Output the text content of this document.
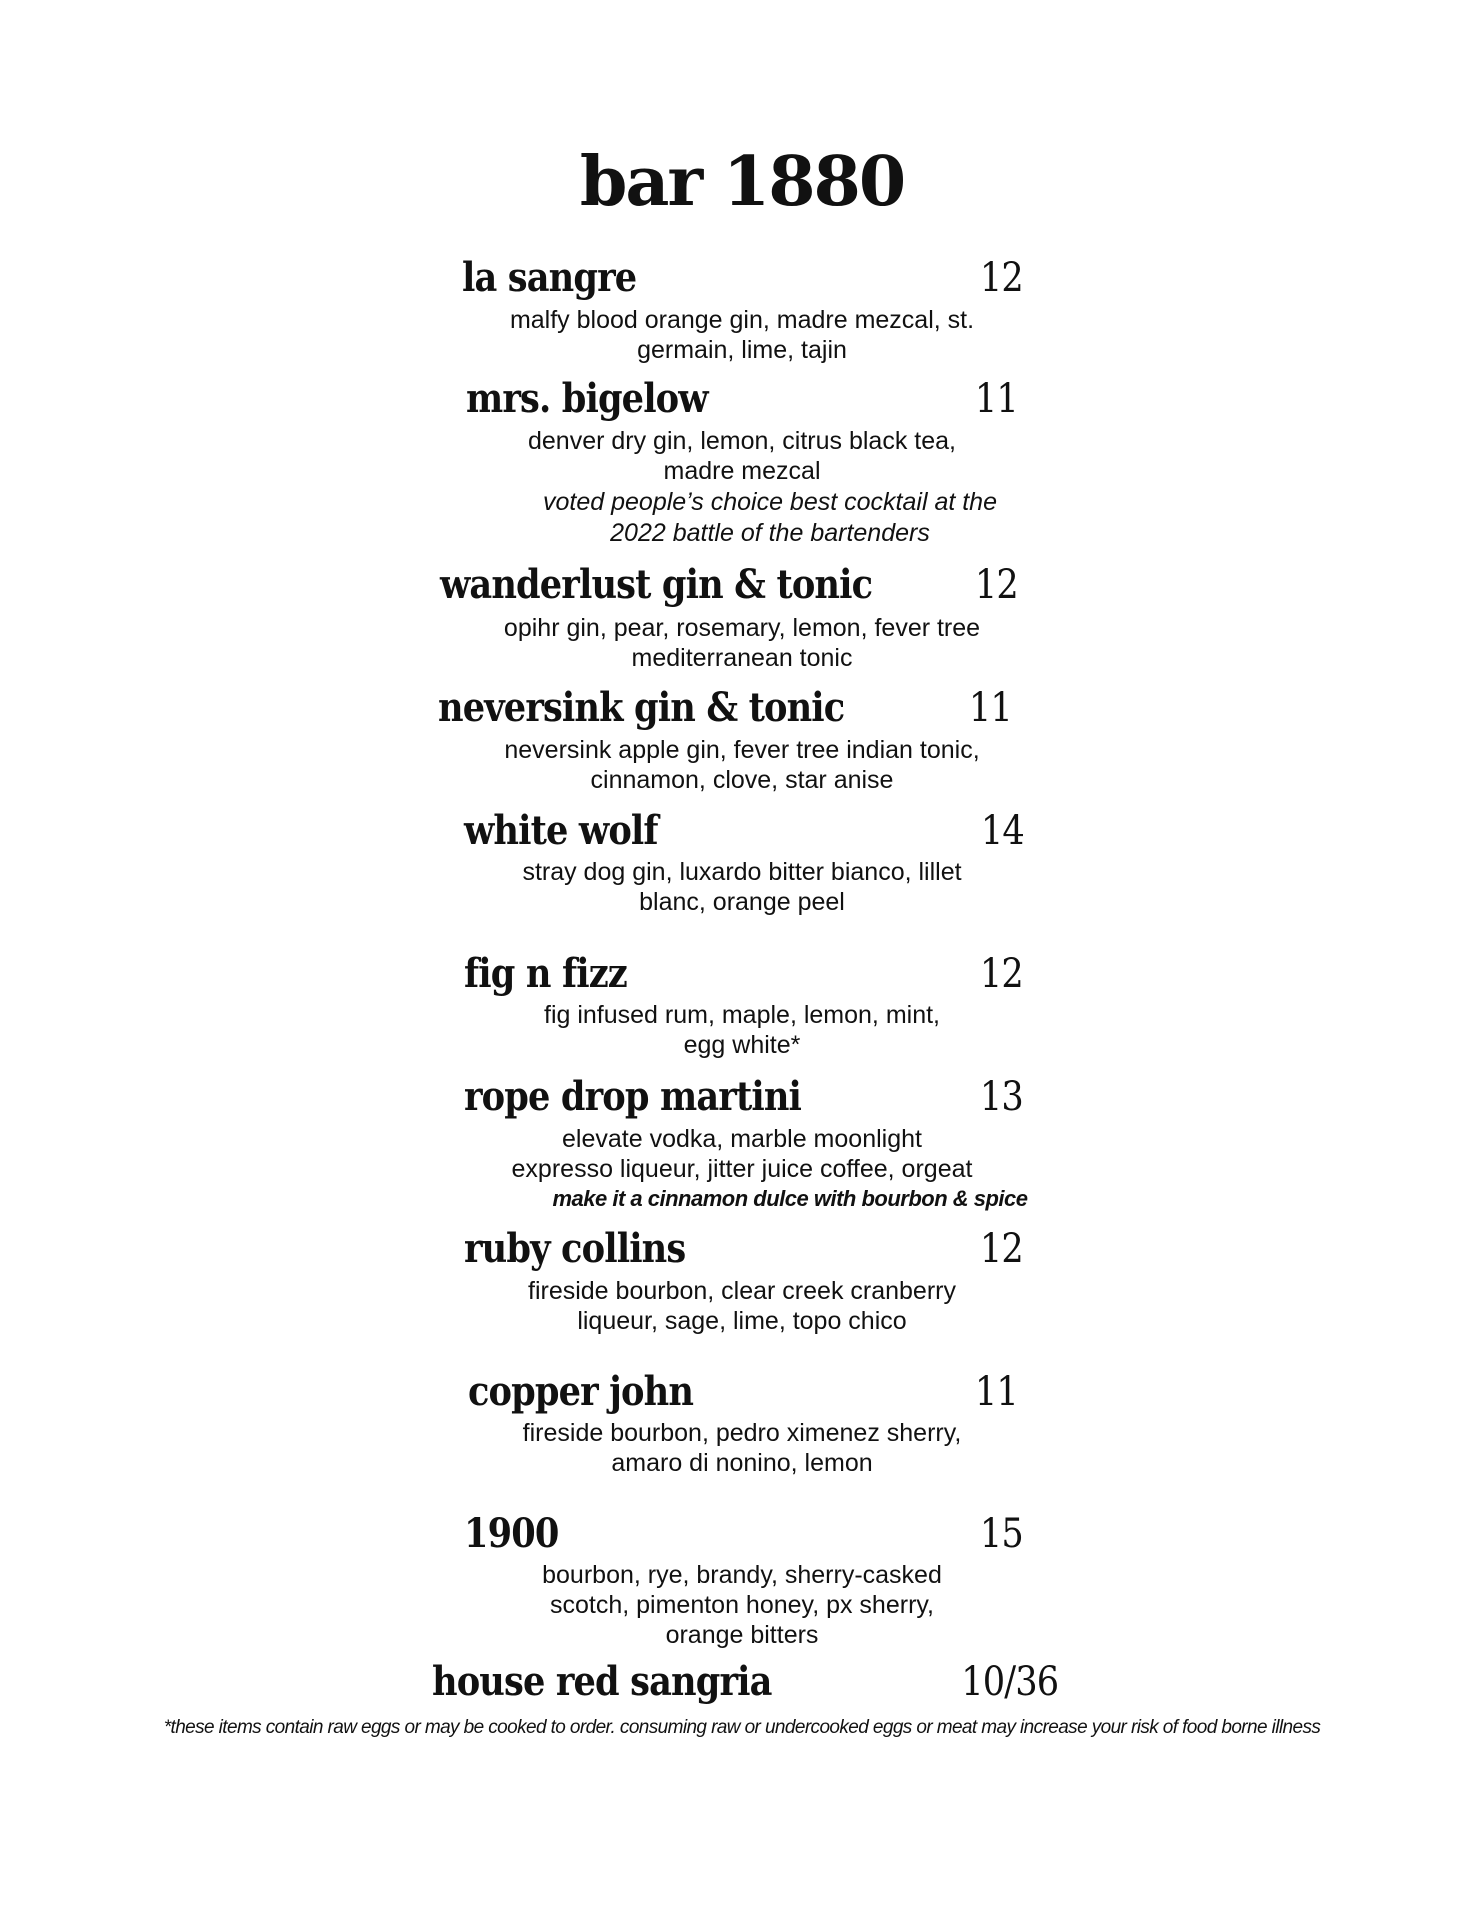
bar 1880
la sangre	12
malfy blood orange gin, madre mezcal, st.
germain, lime, tajin
mrs. bigelow	11
denver dry gin, lemon, citrus black tea,
madre mezcal
voted people’s choice best cocktail at the
2022 battle of the bartenders
wanderlust gin & tonic	12
opihr gin, pear, rosemary, lemon, fever tree
mediterranean tonic
neversink gin & tonic	11
neversink apple gin, fever tree indian tonic,
cinnamon, clove, star anise
white wolf	14
stray dog gin, luxardo bitter bianco, lillet
blanc, orange peel
fig n fizz	12
fig infused rum, maple, lemon, mint,
egg white*
rope drop martini	13
elevate vodka, marble moonlight
expresso liqueur, jitter juice coffee, orgeat
make it a cinnamon dulce with bourbon & spice
ruby collins	12
fireside bourbon, clear creek cranberry
liqueur, sage, lime, topo chico
copper john	11
fireside bourbon, pedro ximenez sherry,
amaro di nonino, lemon
1900	15
bourbon, rye, brandy, sherry-casked
scotch, pimenton honey, px sherry,
orange bitters
house red sangria	10/36
*these items contain raw eggs or may be cooked to order. consuming raw or undercooked eggs or meat may increase your risk of food borne illness
